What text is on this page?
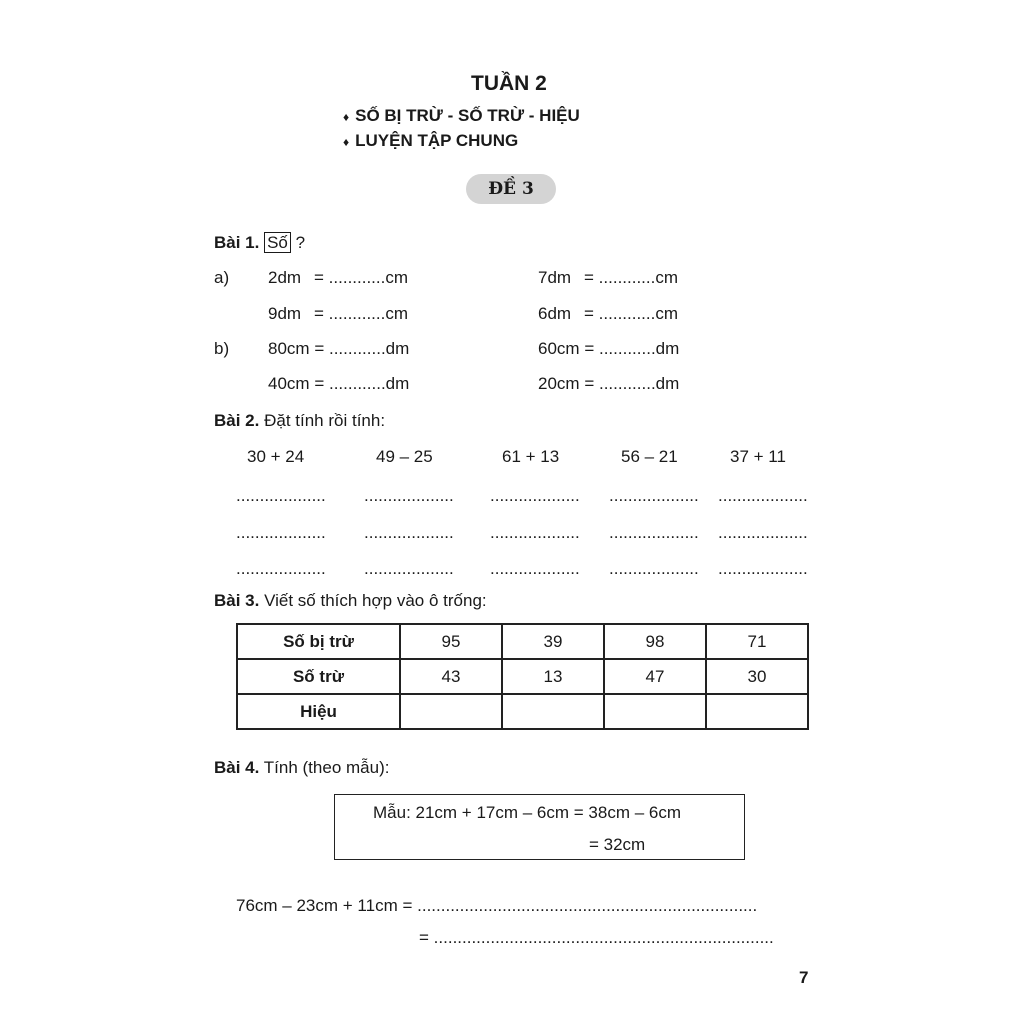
TUẦN 2
♦ SỐ BỊ TRỪ - SỐ TRỪ - HIỆU
♦ LUYỆN TẬP CHUNG
ĐỀ 3
Bài 1. Số ?
a)
b)
2dm = ............cm	7dm = ............cm
9dm = ............cm	6dm = ............cm
80cm = ............dm	60cm = ............dm
40cm = ............dm	20cm = ............dm
Bài 2. Đặt tính rồi tính:
30 + 24	49 – 25	61 + 13	56 – 21	37 + 11
................... ................... ................... ................... ...................
................... ................... ................... ................... ...................
................... ................... ................... ................... ...................
Bài 3. Viết số thích hợp vào ô trống:
Số bị trừ	95	39	98	71
Số trừ	43	13	47	30
Hiệu				
Bài 4. Tính (theo mẫu):
Mẫu: 21cm + 17cm – 6cm = 38cm – 6cm
= 32cm
76cm – 23cm + 11cm = ........................................................................
= ........................................................................
7
